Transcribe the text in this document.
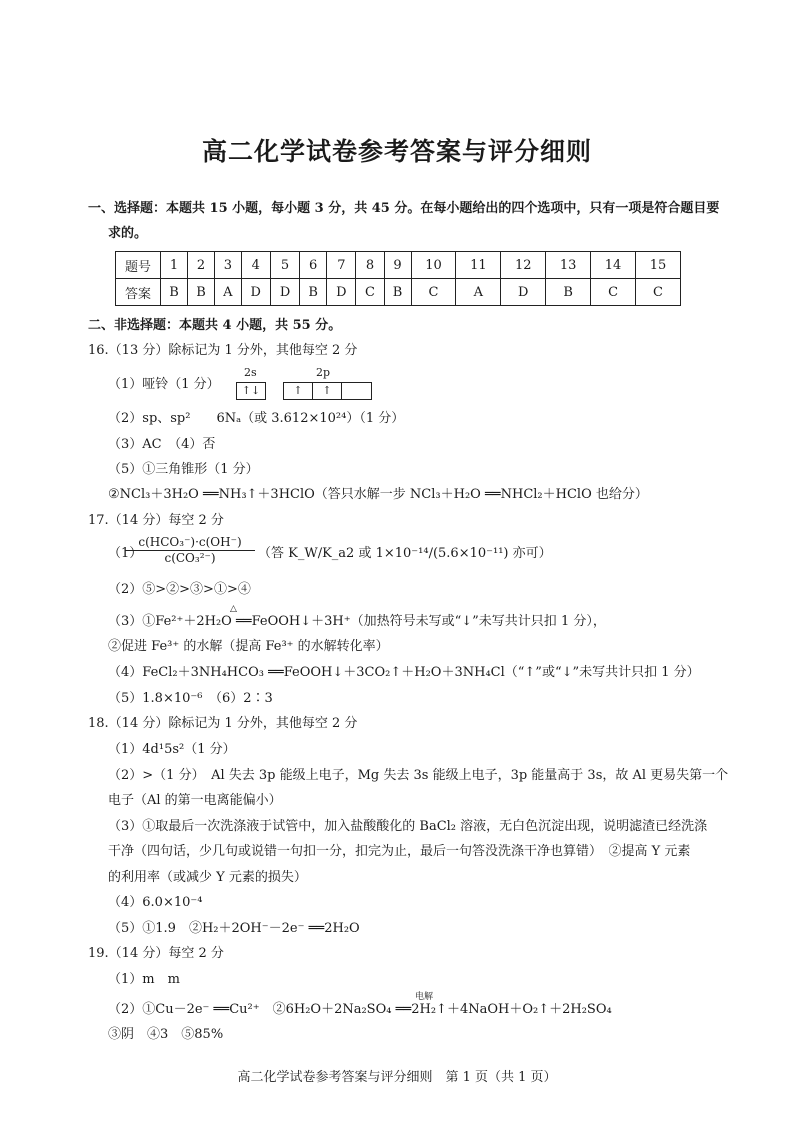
高二化学试卷参考答案与评分细则
一、选择题：本题共 15 小题，每小题 3 分，共 45 分。在每小题给出的四个选项中，只有一项是符合题目要
求的。
题号	1	2	3	4	5	6	7	8	9	10	11	12	13	14	15
答案	B	B	A	D	D	B	D	C	B	C	A	D	B	C	C
二、非选择题：本题共 4 小题，共 55 分。
16.（13 分）除标记为 1 分外，其他每空 2 分
（1）哑铃（1 分）
2s	2p
↑↓	↑	↑
（2）sp、sp²　　6Nₐ（或 3.612×10²⁴）（1 分）
（3）AC　（4）否
（5）①三角锥形（1 分）
②NCl₃＋3H₂O ══NH₃↑＋3HClO（答只水解一步 NCl₃＋H₂O ══NHCl₂＋HClO 也给分）
17.（14 分）每空 2 分
（1）
c(HCO₃⁻)·c(OH⁻)
c(CO₃²⁻)	（答 K_W/K_a2 或 1×10⁻¹⁴/(5.6×10⁻¹¹) 亦可）
（2）⑤>②>③>①>④
△
（3）①Fe²⁺＋2H₂O ══FeOOH↓＋3H⁺（加热符号未写或“↓”未写共计只扣 1 分），
②促进 Fe³⁺ 的水解（提高 Fe³⁺ 的水解转化率）
（4）FeCl₂＋3NH₄HCO₃ ══FeOOH↓＋3CO₂↑＋H₂O＋3NH₄Cl（“↑”或“↓”未写共计只扣 1 分）
（5）1.8×10⁻⁶　（6）2∶3
18.（14 分）除标记为 1 分外，其他每空 2 分
（1）4d¹5s²（1 分）
（2）>（1 分）　Al 失去 3p 能级上电子，Mg 失去 3s 能级上电子，3p 能量高于 3s，故 Al 更易失第一个
电子（Al 的第一电离能偏小）
（3）①取最后一次洗涤液于试管中，加入盐酸酸化的 BaCl₂ 溶液，无白色沉淀出现，说明滤渣已经洗涤
干净（四句话，少几句或说错一句扣一分，扣完为止，最后一句答没洗涤干净也算错）　②提高 Y 元素
的利用率（或减少 Y 元素的损失）
（4）6.0×10⁻⁴
（5）①1.9　②H₂＋2OH⁻－2e⁻ ══2H₂O
19.（14 分）每空 2 分
（1）m　m
电解
（2）①Cu－2e⁻ ══Cu²⁺　②6H₂O＋2Na₂SO₄ ══2H₂↑＋4NaOH＋O₂↑＋2H₂SO₄
③阴　④3　⑤85%
高二化学试卷参考答案与评分细则　第 1 页（共 1 页）
